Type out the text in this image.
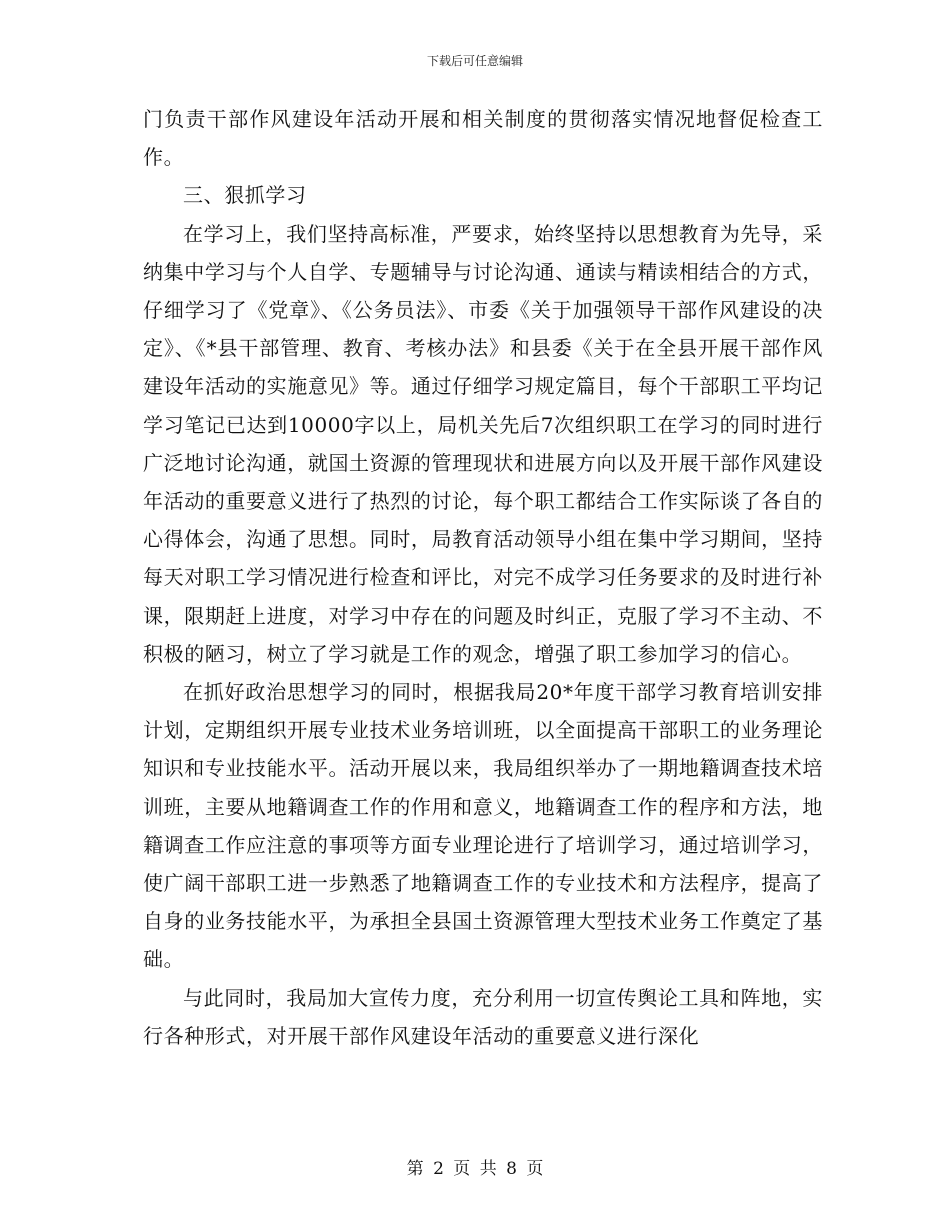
下载后可任意编辑

门负责干部作风建设年活动开展和相关制度的贯彻落实情况地督促检查工作。

三、狠抓学习

在学习上，我们坚持高标准，严要求，始终坚持以思想教育为先导，采纳集中学习与个人自学、专题辅导与讨论沟通、通读与精读相结合的方式，仔细学习了《党章》、《公务员法》、市委《关于加强领导干部作风建设的决定》、《*县干部管理、教育、考核办法》和县委《关于在全县开展干部作风建设年活动的实施意见》等。通过仔细学习规定篇目，每个干部职工平均记学习笔记已达到10000字以上，局机关先后7次组织职工在学习的同时进行广泛地讨论沟通，就国土资源的管理现状和进展方向以及开展干部作风建设年活动的重要意义进行了热烈的讨论，每个职工都结合工作实际谈了各自的心得体会，沟通了思想。同时，局教育活动领导小组在集中学习期间，坚持每天对职工学习情况进行检查和评比，对完不成学习任务要求的及时进行补课，限期赶上进度，对学习中存在的问题及时纠正，克服了学习不主动、不积极的陋习，树立了学习就是工作的观念，增强了职工参加学习的信心。

在抓好政治思想学习的同时，根据我局20*年度干部学习教育培训安排计划，定期组织开展专业技术业务培训班，以全面提高干部职工的业务理论知识和专业技能水平。活动开展以来，我局组织举办了一期地籍调查技术培训班，主要从地籍调查工作的作用和意义，地籍调查工作的程序和方法，地籍调查工作应注意的事项等方面专业理论进行了培训学习，通过培训学习，使广阔干部职工进一步熟悉了地籍调查工作的专业技术和方法程序，提高了自身的业务技能水平，为承担全县国土资源管理大型技术业务工作奠定了基础。

与此同时，我局加大宣传力度，充分利用一切宣传舆论工具和阵地，实行各种形式，对开展干部作风建设年活动的重要意义进行深化

第 2 页 共 8 页
